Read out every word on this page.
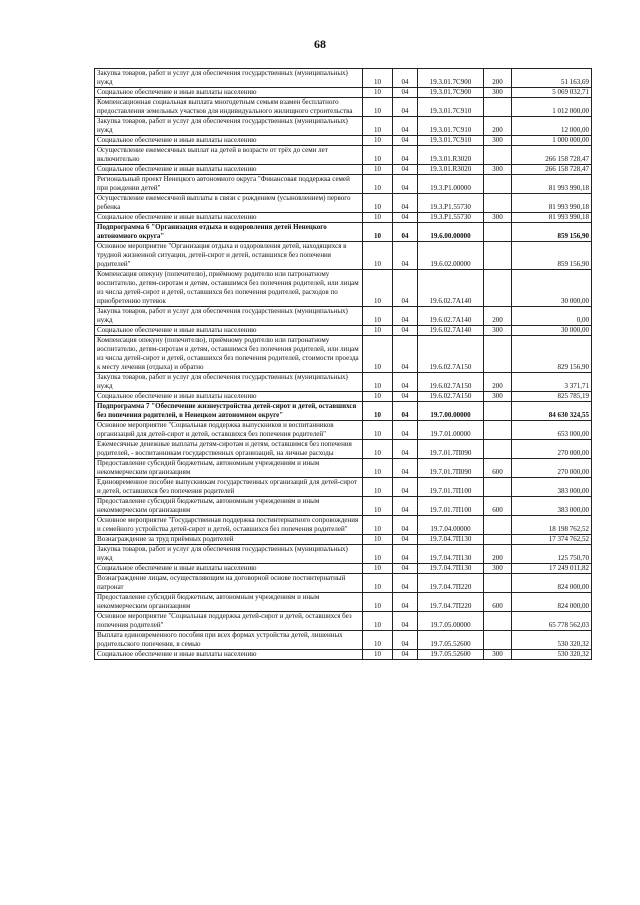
68
Закупка товаров, работ и услуг для обеспечения государственных (муниципальных) нужд	10	04	19.3.01.7С900	200	51 163,69
Социальное обеспечение и иные выплаты населению	10	04	19.3.01.7С900	300	5 069 032,71
Компенсационная социальная выплата многодетным семьям взамен бесплатного предоставления земельных участков для индивидуального жилищного строительства	10	04	19.3.01.7С910		1 012 000,00
Закупка товаров, работ и услуг для обеспечения государственных (муниципальных) нужд	10	04	19.3.01.7С910	200	12 000,00
Социальное обеспечение и иные выплаты населению	10	04	19.3.01.7С910	300	1 000 000,00
Осуществление ежемесячных выплат на детей в возрасте от трёх до семи лет включительно	10	04	19.3.01.R3020		266 158 728,47
Социальное обеспечение и иные выплаты населению	10	04	19.3.01.R3020	300	266 158 728,47
Региональный проект Ненецкого автономного округа "Финансовая поддержка семей при рождении детей"	10	04	19.3.P1.00000		81 993 990,18
Осуществление ежемесячной выплаты в связи с рождением (усыновлением) первого ребенка	10	04	19.3.P1.55730		81 993 990,18
Социальное обеспечение и иные выплаты населению	10	04	19.3.P1.55730	300	81 993 990,18
Подпрограмма 6 "Организация отдыха и оздоровления детей Ненецкого автономного округа"	10	04	19.6.00.00000		859 156,90
Основное мероприятие "Организация отдыха и оздоровления детей, находящихся в трудной жизненной ситуации, детей-сирот и детей, оставшихся без попечения родителей"	10	04	19.6.02.00000		859 156,90
Компенсация опекуну (попечителю), приёмному родителю или патронатному воспитателю, детям-сиротам и детям, оставшимся без попечения родителей, или лицам из числа детей-сирот и детей, оставшихся без попечения родителей, расходов по приобретению путевок	10	04	19.6.02.7А140		30 000,00
Закупка товаров, работ и услуг для обеспечения государственных (муниципальных) нужд	10	04	19.6.02.7А140	200	0,00
Социальное обеспечение и иные выплаты населению	10	04	19.6.02.7А140	300	30 000,00
Компенсация опекуну (попечителю), приёмному родителю или патронатному воспитателю, детям-сиротам и детям, оставшимся без попечения родителей, или лицам из числа детей-сирот и детей, оставшихся без попечения родителей, стоимости проезда к месту лечения (отдыха) и обратно	10	04	19.6.02.7А150		829 156,90
Закупка товаров, работ и услуг для обеспечения государственных (муниципальных) нужд	10	04	19.6.02.7А150	200	3 371,71
Социальное обеспечение и иные выплаты населению	10	04	19.6.02.7А150	300	825 785,19
Подпрограмма 7 "Обеспечение жизнеустройства детей-сирот и детей, оставшихся без попечения родителей, в Ненецком автономном округе"	10	04	19.7.00.00000		84 630 324,55
Основное мероприятие "Социальная поддержка выпускников и воспитанников организаций для детей-сирот и детей, оставшихся без попечения родителей"	10	04	19.7.01.00000		653 000,00
Ежемесячные денежные выплаты детям-сиротам и детям, оставшимся без попечения родителей, - воспитанникам государственных организаций, на личные расходы	10	04	19.7.01.7П090		270 000,00
Предоставление субсидий бюджетным, автономным учреждениям и иным некоммерческим организациям	10	04	19.7.01.7П090	600	270 000,00
Единовременное пособие выпускникам государственных организаций для детей-сирот и детей, оставшихся без попечения родителей	10	04	19.7.01.7П100		383 000,00
Предоставление субсидий бюджетным, автономным учреждениям и иным некоммерческим организациям	10	04	19.7.01.7П100	600	383 000,00
Основное мероприятие "Государственная поддержка постинтернатного сопровождения и семейного устройства детей-сирот и детей, оставшихся без попечения родителей"	10	04	19.7.04.00000		18 198 762,52
Вознаграждение за труд приёмных родителей	10	04	19.7.04.7П130		17 374 762,52
Закупка товаров, работ и услуг для обеспечения государственных (муниципальных) нужд	10	04	19.7.04.7П130	200	125 750,70
Социальное обеспечение и иные выплаты населению	10	04	19.7.04.7П130	300	17 249 011,82
Вознаграждение лицам, осуществляющим на договорной основе постинтернатный патронат	10	04	19.7.04.7П220		824 000,00
Предоставление субсидий бюджетным, автономным учреждениям и иным некоммерческим организациям	10	04	19.7.04.7П220	600	824 000,00
Основное мероприятие "Социальная поддержка детей-сирот и детей, оставшихся без попечения родителей"	10	04	19.7.05.00000		65 778 562,03
Выплата единовременного пособия при всех формах устройства детей, лишенных родительского попечения, в семью	10	04	19.7.05.52600		530 320,32
Социальное обеспечение и иные выплаты населению	10	04	19.7.05.52600	300	530 320,32
